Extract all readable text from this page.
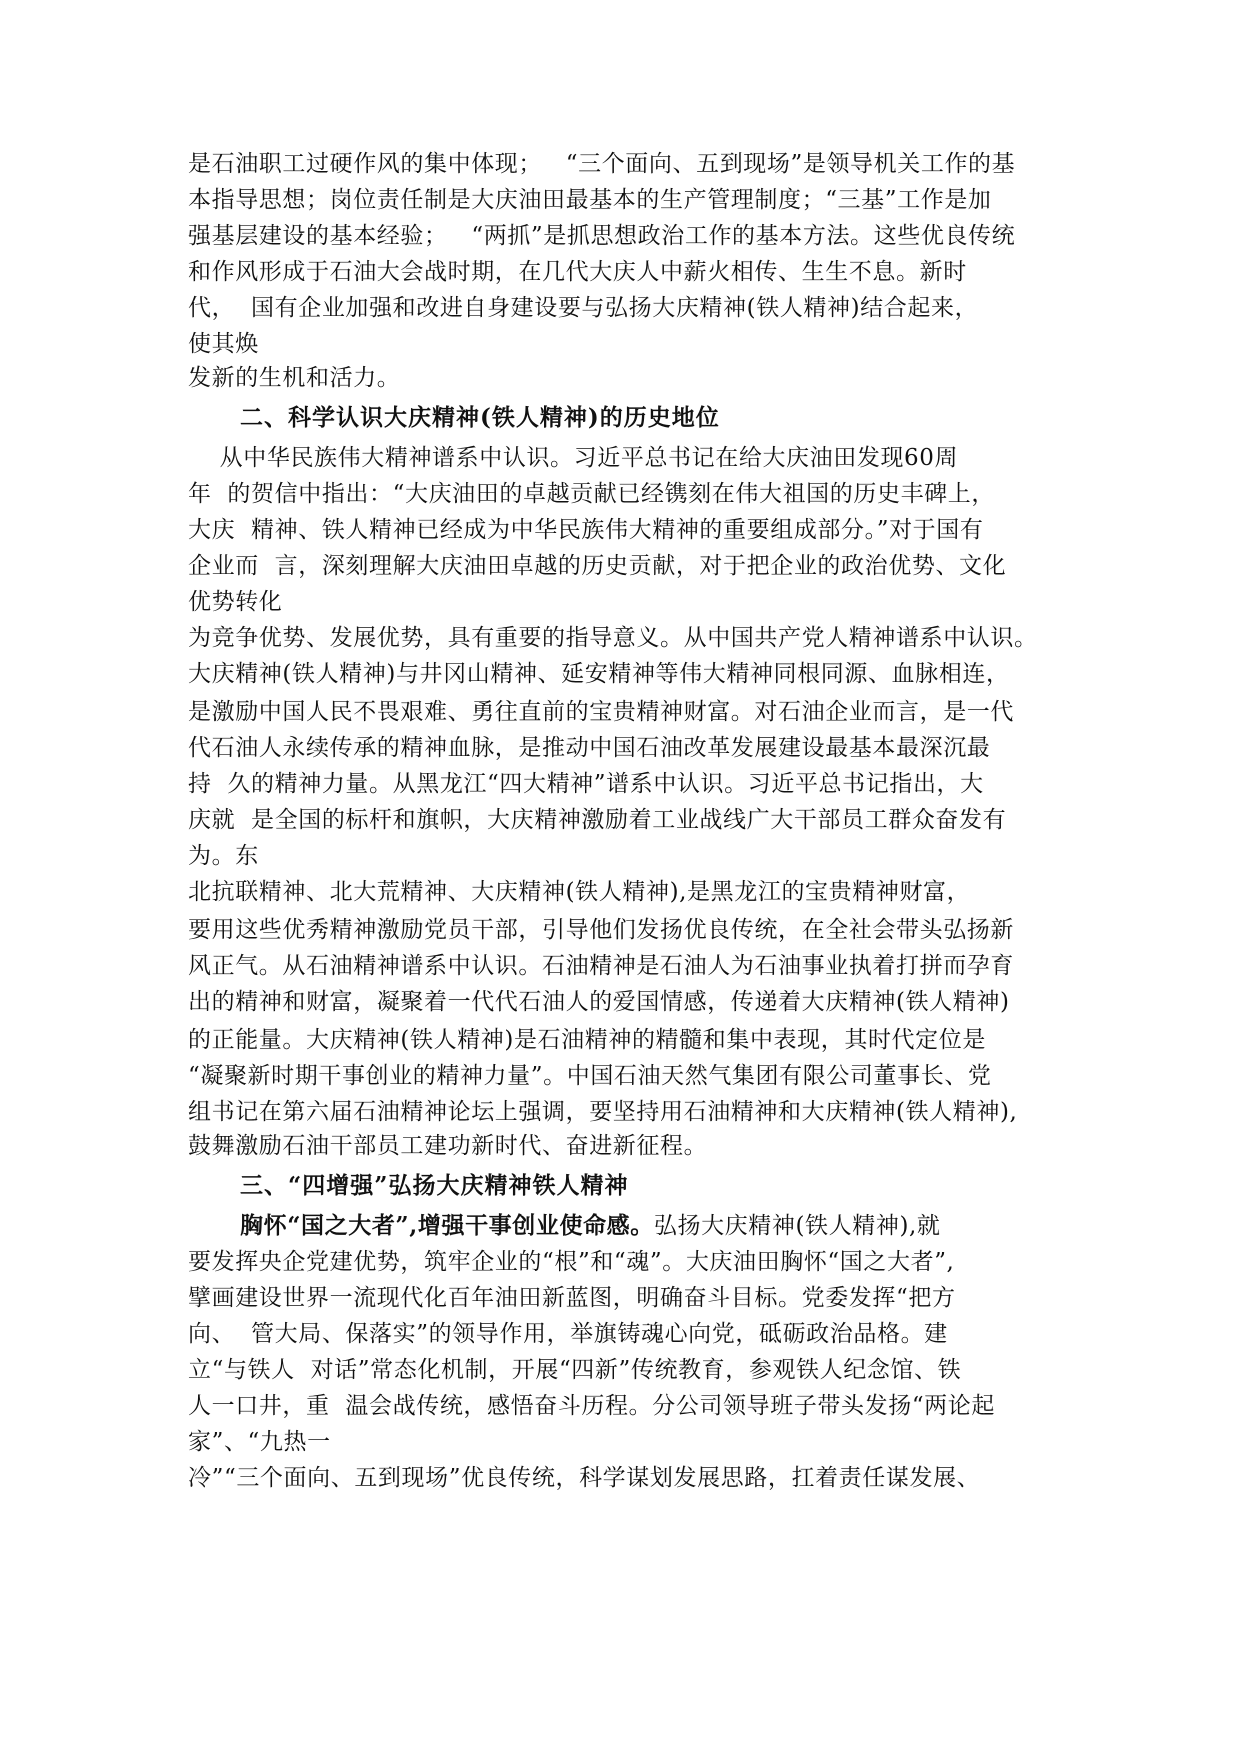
是石油职工过硬作风的集中体现；   “三个面向、五到现场”是领导机关工作的基
本指导思想；岗位责任制是大庆油田最基本的生产管理制度；“三基”工作是加
强基层建设的基本经验；   “两抓”是抓思想政治工作的基本方法。这些优良传统
和作风形成于石油大会战时期，在几代大庆人中薪火相传、生生不息。新时
代，  国有企业加强和改进自身建设要与弘扬大庆精神(铁人精神)结合起来，
使其焕
发新的生机和活力。
二、科学认识大庆精神(铁人精神)的历史地位
从中华民族伟大精神谱系中认识。习近平总书记在给大庆油田发现60周
年  的贺信中指出：“大庆油田的卓越贡献已经镌刻在伟大祖国的历史丰碑上，
大庆  精神、铁人精神已经成为中华民族伟大精神的重要组成部分。”对于国有
企业而  言，深刻理解大庆油田卓越的历史贡献，对于把企业的政治优势、文化
优势转化
为竞争优势、发展优势，具有重要的指导意义。从中国共产党人精神谱系中认识。
大庆精神(铁人精神)与井冈山精神、延安精神等伟大精神同根同源、血脉相连，
是激励中国人民不畏艰难、勇往直前的宝贵精神财富。对石油企业而言，是一代
代石油人永续传承的精神血脉，是推动中国石油改革发展建设最基本最深沉最
持  久的精神力量。从黑龙江“四大精神”谱系中认识。习近平总书记指出，大
庆就  是全国的标杆和旗帜，大庆精神激励着工业战线广大干部员工群众奋发有
为。东
北抗联精神、北大荒精神、大庆精神(铁人精神),是黑龙江的宝贵精神财富，
要用这些优秀精神激励党员干部，引导他们发扬优良传统，在全社会带头弘扬新
风正气。从石油精神谱系中认识。石油精神是石油人为石油事业执着打拼而孕育
出的精神和财富，凝聚着一代代石油人的爱国情感，传递着大庆精神(铁人精神)
的正能量。大庆精神(铁人精神)是石油精神的精髓和集中表现，其时代定位是
“凝聚新时期干事创业的精神力量”。中国石油天然气集团有限公司董事长、党
组书记在第六届石油精神论坛上强调，要坚持用石油精神和大庆精神(铁人精神),
鼓舞激励石油干部员工建功新时代、奋进新征程。
三、“四增强”弘扬大庆精神铁人精神
胸怀“国之大者”,增强干事创业使命感。弘扬大庆精神(铁人精神),就
要发挥央企党建优势，筑牢企业的“根”和“魂”。大庆油田胸怀“国之大者”,
擘画建设世界一流现代化百年油田新蓝图，明确奋斗目标。党委发挥“把方
向、  管大局、保落实”的领导作用，举旗铸魂心向党，砥砺政治品格。建
立“与铁人  对话”常态化机制，开展“四新”传统教育，参观铁人纪念馆、铁
人一口井，重  温会战传统，感悟奋斗历程。分公司领导班子带头发扬“两论起
家”、“九热一
冷”“三个面向、五到现场”优良传统，科学谋划发展思路，扛着责任谋发展、
